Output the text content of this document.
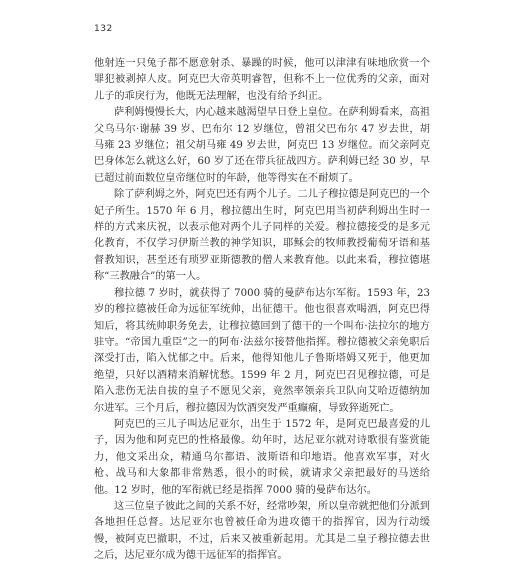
132

他射连一只兔子都不愿意射杀、暴躁的时候，他可以津津有味地欣赏一个罪犯被剥掉人皮。阿克巴大帝英明睿智，但称不上一位优秀的父亲，面对儿子的乖戾行为，他既无法理解，也没有给予纠正。

萨利姆慢慢长大，内心越来越渴望早日登上皇位。在萨利姆看来，高祖父乌马尔·谢赫 39 岁、巴布尔 12 岁继位，曾祖父巴布尔 47 岁去世，胡马雍 23 岁继位；祖父胡马雍 49 岁去世，阿克巴 13 岁继位。而父亲阿克巴身体怎么就这么好，60 岁了还在带兵征战四方。萨利姆已经 30 岁，早已超过前面数位皇帝继位时的年龄，他等得实在不耐烦了。

除了萨利姆之外，阿克巴还有两个儿子。二儿子穆拉德是阿克巴的一个妃子所生。1570 年 6 月，穆拉德出生时，阿克巴用当初萨利姆出生时一样的方式来庆祝，以表示他对两个儿子同样的关爱。穆拉德接受的是多元化教育，不仅学习伊斯兰教的神学知识，耶稣会的牧师教授葡萄牙语和基督教知识，甚至还有琐罗亚斯德教的僧人来教育他。以此来看，穆拉德堪称“三教融合”的第一人。

穆拉德 7 岁时，就获得了 7000 骑的曼萨布达尔军衔。1593 年，23 岁的穆拉德被任命为远征军统帅，出征德干。他也很喜欢喝酒，阿克巴得知后，将其统帅职务免去，让穆拉德回到了德干的一个叫布·法拉尔的地方驻守。“帝国九重臣”之一的阿布·法兹尔接替他指挥。穆拉德被父亲免职后深受打击，陷入忧郁之中。后来，他得知他儿子鲁斯塔姆又死于，他更加绝望，只好以酒精来消解忧愁。1599 年 2 月，阿克巴召见穆拉德，可是陷入悲伤无法自拔的皇子不愿见父亲，竟然率领亲兵卫队向艾哈迈德纳加尔进军。三个月后，穆拉德因为饮酒突发严重癫痫，导致猝逝死亡。

阿克巴的三儿子叫达尼亚尔，出生于 1572 年，是阿克巴最喜爱的儿子，因为他和阿克巴的性格最像。幼年时，达尼亚尔就对诗歌很有鉴赏能力，他文采出众，精通乌尔都语、波斯语和印地语。他喜欢军事，对火枪、战马和大象都非常熟悉，很小的时候，就请求父亲把最好的马送给他。12 岁时，他的军衔就已经是指挥 7000 骑的曼萨布达尔。

这三位皇子彼此之间的关系不好，经常吵架，所以皇帝就把他们分派到各地担任总督。达尼亚尔也曾被任命为进攻德干的指挥官，因为行动缓慢，被阿克巴撤职，不过，后来又被重新起用。尤其是二皇子穆拉德去世之后，达尼亚尔成为德干远征军的指挥官。
